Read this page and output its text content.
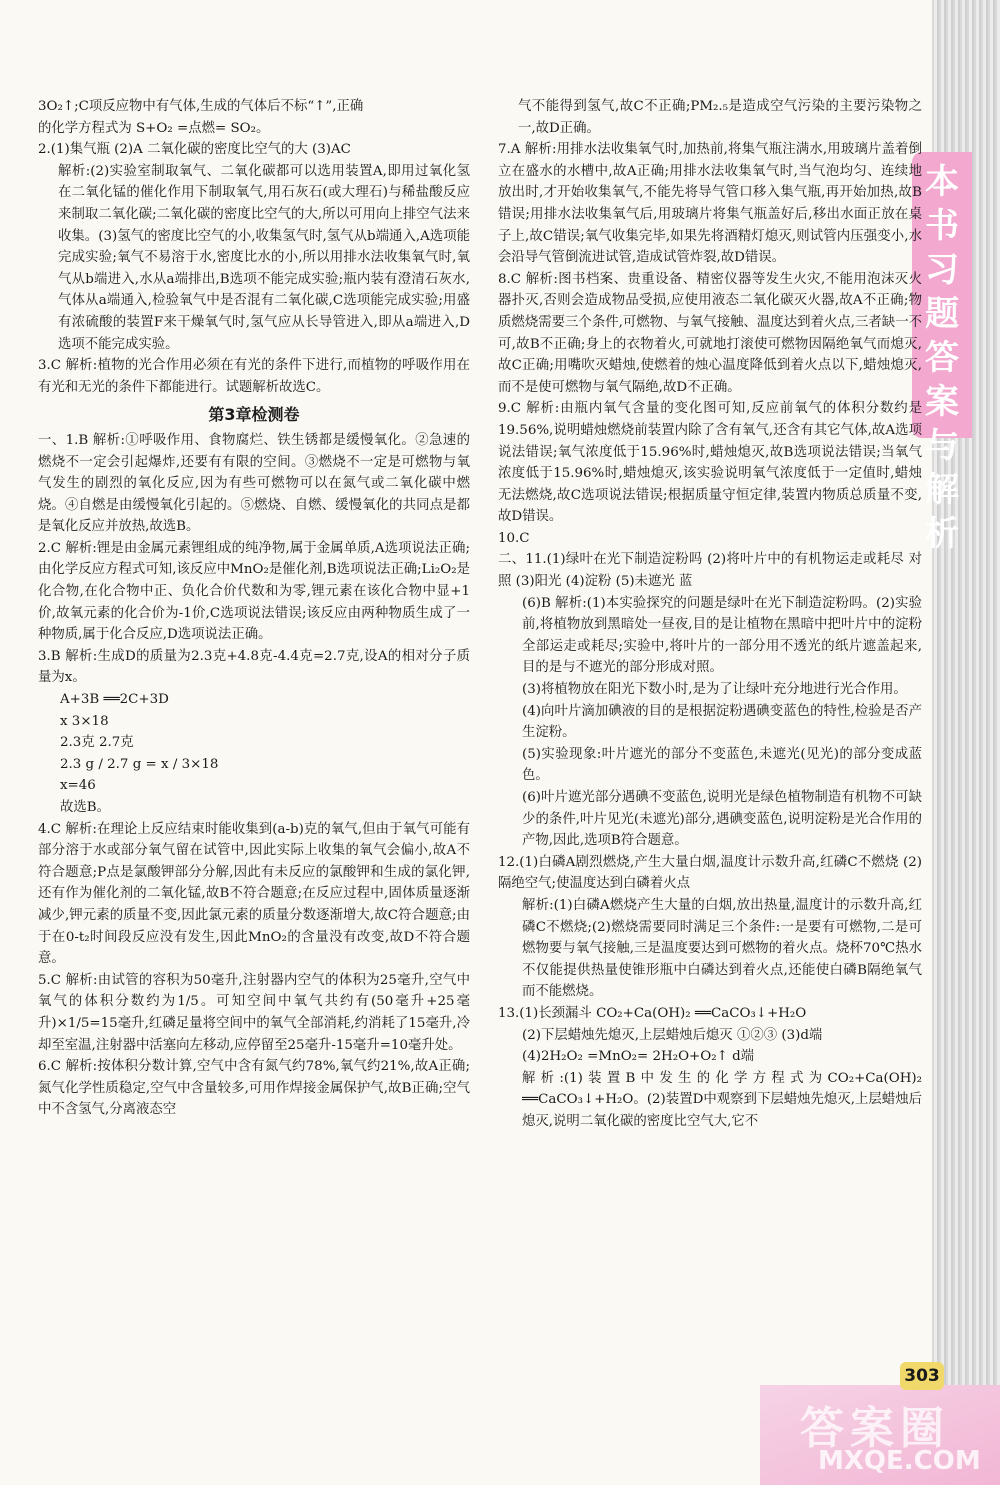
本
书
习
题
答
案
与
解
析

3O₂↑;C项反应物中有气体,生成的气体后不标“↑”,正确

的化学方程式为 S+O₂ =点燃= SO₂。

2.(1)集气瓶 (2)A 二氧化碳的密度比空气的大 (3)AC

解析:(2)实验室制取氧气、二氧化碳都可以选用装置A,即用过氧化氢在二氧化锰的催化作用下制取氧气,用石灰石(或大理石)与稀盐酸反应来制取二氧化碳;二氧化碳的密度比空气的大,所以可用向上排空气法来收集。(3)氢气的密度比空气的小,收集氢气时,氢气从b端通入,A选项能完成实验;氧气不易溶于水,密度比水的小,所以用排水法收集氧气时,氧气从b端进入,水从a端排出,B选项不能完成实验;瓶内装有澄清石灰水,气体从a端通入,检验氧气中是否混有二氧化碳,C选项能完成实验;用盛有浓硫酸的装置F来干燥氧气时,氢气应从长导管进入,即从a端进入,D选项不能完成实验。

3.C 解析:植物的光合作用必须在有光的条件下进行,而植物的呼吸作用在有光和无光的条件下都能进行。试题解析故选C。

第3章检测卷

一、1.B 解析:①呼吸作用、食物腐烂、铁生锈都是缓慢氧化。②急速的燃烧不一定会引起爆炸,还要有有限的空间。③燃烧不一定是可燃物与氧气发生的剧烈的氧化反应,因为有些可燃物可以在氮气或二氧化碳中燃烧。④自燃是由缓慢氧化引起的。⑤燃烧、自燃、缓慢氧化的共同点是都是氧化反应并放热,故选B。

2.C 解析:锂是由金属元素锂组成的纯净物,属于金属单质,A选项说法正确;由化学反应方程式可知,该反应中MnO₂是催化剂,B选项说法正确;Li₂O₂是化合物,在化合物中正、负化合价代数和为零,锂元素在该化合物中显+1价,故氧元素的化合价为-1价,C选项说法错误;该反应由两种物质生成了一种物质,属于化合反应,D选项说法正确。

3.B 解析:生成D的质量为2.3克+4.8克-4.4克=2.7克,设A的相对分子质量为x。

A+3B ══2C+3D

x 3×18

2.3克 2.7克

2.3 g / 2.7 g = x / 3×18

x=46

故选B。

4.C 解析:在理论上反应结束时能收集到(a-b)克的氧气,但由于氧气可能有部分溶于水或部分氧气留在试管中,因此实际上收集的氧气会偏小,故A不符合题意;P点是氯酸钾部分分解,因此有未反应的氯酸钾和生成的氯化钾,还有作为催化剂的二氧化锰,故B不符合题意;在反应过程中,固体质量逐渐减少,钾元素的质量不变,因此氯元素的质量分数逐渐增大,故C符合题意;由于在0-t₂时间段反应没有发生,因此MnO₂的含量没有改变,故D不符合题意。

5.C 解析:由试管的容积为50毫升,注射器内空气的体积为25毫升,空气中氧气的体积分数约为1/5。可知空间中氧气共约有(50毫升+25毫升)×1/5=15毫升,红磷足量将空间中的氧气全部消耗,约消耗了15毫升,冷却至室温,注射器中活塞向左移动,应停留至25毫升-15毫升=10毫升处。

6.C 解析:按体积分数计算,空气中含有氮气约78%,氧气约21%,故A正确;氮气化学性质稳定,空气中含量较多,可用作焊接金属保护气,故B正确;空气中不含氢气,分离液态空

气不能得到氢气,故C不正确;PM₂.₅是造成空气污染的主要污染物之一,故D正确。

7.A 解析:用排水法收集氧气时,加热前,将集气瓶注满水,用玻璃片盖着倒立在盛水的水槽中,故A正确;用排水法收集氧气时,当气泡均匀、连续地放出时,才开始收集氧气,不能先将导气管口移入集气瓶,再开始加热,故B错误;用排水法收集氧气后,用玻璃片将集气瓶盖好后,移出水面正放在桌子上,故C错误;氧气收集完毕,如果先将酒精灯熄灭,则试管内压强变小,水会沿导气管倒流进试管,造成试管炸裂,故D错误。

8.C 解析:图书档案、贵重设备、精密仪器等发生火灾,不能用泡沫灭火器扑灭,否则会造成物品受损,应使用液态二氧化碳灭火器,故A不正确;物质燃烧需要三个条件,可燃物、与氧气接触、温度达到着火点,三者缺一不可,故B不正确;身上的衣物着火,可就地打滚使可燃物因隔绝氧气而熄灭,故C正确;用嘴吹灭蜡烛,使燃着的烛心温度降低到着火点以下,蜡烛熄灭,而不是使可燃物与氧气隔绝,故D不正确。

9.C 解析:由瓶内氧气含量的变化图可知,反应前氧气的体积分数约是19.56%,说明蜡烛燃烧前装置内除了含有氧气,还含有其它气体,故A选项说法错误;氧气浓度低于15.96%时,蜡烛熄灭,故B选项说法错误;当氧气浓度低于15.96%时,蜡烛熄灭,该实验说明氧气浓度低于一定值时,蜡烛无法燃烧,故C选项说法错误;根据质量守恒定律,装置内物质总质量不变,故D错误。

10.C

二、11.(1)绿叶在光下制造淀粉吗 (2)将叶片中的有机物运走或耗尽 对照 (3)阳光 (4)淀粉 (5)未遮光 蓝

(6)B 解析:(1)本实验探究的问题是绿叶在光下制造淀粉吗。(2)实验前,将植物放到黑暗处一昼夜,目的是让植物在黑暗中把叶片中的淀粉全部运走或耗尽;实验中,将叶片的一部分用不透光的纸片遮盖起来,目的是与不遮光的部分形成对照。

(3)将植物放在阳光下数小时,是为了让绿叶充分地进行光合作用。

(4)向叶片滴加碘液的目的是根据淀粉遇碘变蓝色的特性,检验是否产生淀粉。

(5)实验现象:叶片遮光的部分不变蓝色,未遮光(见光)的部分变成蓝色。

(6)叶片遮光部分遇碘不变蓝色,说明光是绿色植物制造有机物不可缺少的条件,叶片见光(未遮光)部分,遇碘变蓝色,说明淀粉是光合作用的产物,因此,选项B符合题意。

12.(1)白磷A剧烈燃烧,产生大量白烟,温度计示数升高,红磷C不燃烧 (2)隔绝空气;使温度达到白磷着火点

解析:(1)白磷A燃烧产生大量的白烟,放出热量,温度计的示数升高,红磷C不燃烧;(2)燃烧需要同时满足三个条件:一是要有可燃物,二是可燃物要与氧气接触,三是温度要达到可燃物的着火点。烧杯70℃热水不仅能提供热量使锥形瓶中白磷达到着火点,还能使白磷B隔绝氧气而不能燃烧。

13.(1)长颈漏斗 CO₂+Ca(OH)₂ ══CaCO₃↓+H₂O

(2)下层蜡烛先熄灭,上层蜡烛后熄灭 ①②③ (3)d端

(4)2H₂O₂ =MnO₂= 2H₂O+O₂↑ d端

解析:(1)装置B中发生的化学方程式为CO₂+Ca(OH)₂ ══CaCO₃↓+H₂O。(2)装置D中观察到下层蜡烛先熄灭,上层蜡烛后熄灭,说明二氧化碳的密度比空气大,它不

303
答案圈
MXQE.COM
